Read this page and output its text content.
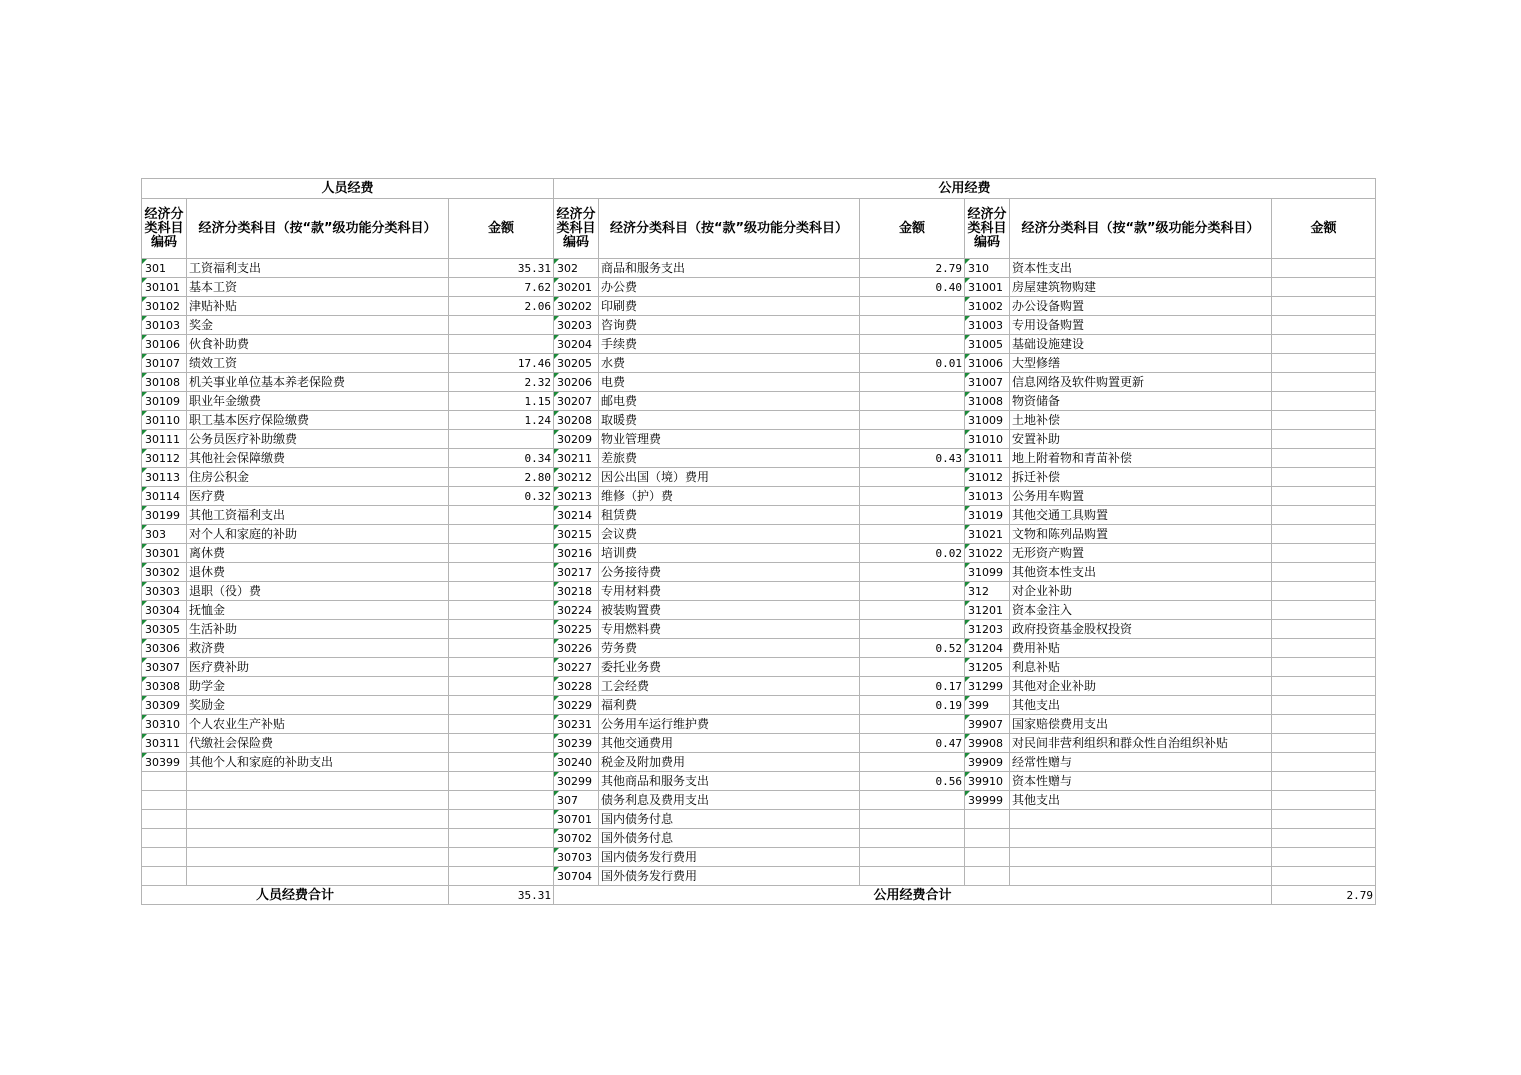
人员经费			公用经费					
经济分
类科目
编码	经济分类科目（按“款”级功能分类科目）	金额	经济分
类科目
编码	经济分类科目（按“款”级功能分类科目）	金额	经济分
类科目
编码	经济分类科目（按“款”级功能分类科目）	金额
301	工资福利支出	35.31	302	商品和服务支出	2.79	310	资本性支出	
30101	基本工资	7.62	30201	办公费	0.40	31001	房屋建筑物购建	
30102	津贴补贴	2.06	30202	印刷费		31002	办公设备购置	
30103	奖金		30203	咨询费		31003	专用设备购置	
30106	伙食补助费		30204	手续费		31005	基础设施建设	
30107	绩效工资	17.46	30205	水费	0.01	31006	大型修缮	
30108	机关事业单位基本养老保险费	2.32	30206	电费		31007	信息网络及软件购置更新	
30109	职业年金缴费	1.15	30207	邮电费		31008	物资储备	
30110	职工基本医疗保险缴费	1.24	30208	取暖费		31009	土地补偿	
30111	公务员医疗补助缴费		30209	物业管理费		31010	安置补助	
30112	其他社会保障缴费	0.34	30211	差旅费	0.43	31011	地上附着物和青苗补偿	
30113	住房公积金	2.80	30212	因公出国（境）费用		31012	拆迁补偿	
30114	医疗费	0.32	30213	维修（护）费		31013	公务用车购置	
30199	其他工资福利支出		30214	租赁费		31019	其他交通工具购置	
303	对个人和家庭的补助		30215	会议费		31021	文物和陈列品购置	
30301	离休费		30216	培训费	0.02	31022	无形资产购置	
30302	退休费		30217	公务接待费		31099	其他资本性支出	
30303	退职（役）费		30218	专用材料费		312	对企业补助	
30304	抚恤金		30224	被装购置费		31201	资本金注入	
30305	生活补助		30225	专用燃料费		31203	政府投资基金股权投资	
30306	救济费		30226	劳务费	0.52	31204	费用补贴	
30307	医疗费补助		30227	委托业务费		31205	利息补贴	
30308	助学金		30228	工会经费	0.17	31299	其他对企业补助	
30309	奖励金		30229	福利费	0.19	399	其他支出	
30310	个人农业生产补贴		30231	公务用车运行维护费		39907	国家赔偿费用支出	
30311	代缴社会保险费		30239	其他交通费用	0.47	39908	对民间非营利组织和群众性自治组织补贴	
30399	其他个人和家庭的补助支出		30240	税金及附加费用		39909	经常性赠与	
			30299	其他商品和服务支出	0.56	39910	资本性赠与	
			307	债务利息及费用支出		39999	其他支出	
			30701	国内债务付息				
			30702	国外债务付息				
			30703	国内债务发行费用				
			30704	国外债务发行费用				
人员经费合计		35.31	公用经费合计					2.79
